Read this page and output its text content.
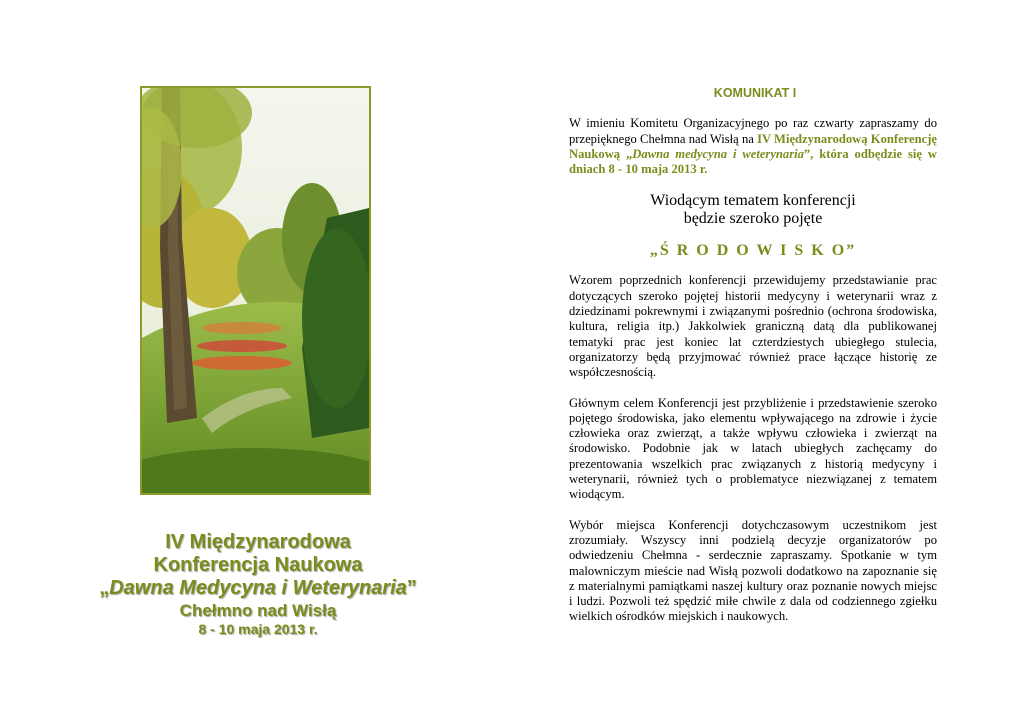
IV Międzynarodowa
Konferencja Naukowa
„Dawna Medycyna i Weterynaria”
Chełmno nad Wisłą
8 - 10 maja 2013 r.
KOMUNIKAT I

W imieniu Komitetu Organizacyjnego po raz czwarty zapraszamy do przepięknego Chełmna nad Wisłą na IV Międzynarodową Konferencję Naukową „Dawna medycyna i weterynaria”, która odbędzie się w dniach 8 - 10 maja 2013 r.

Wiodącym tematem konferencji
będzie szeroko pojęte
„Ś R O D O W I S K O”

Wzorem poprzednich konferencji przewidujemy przedstawianie prac dotyczących szeroko pojętej historii medycyny i weterynarii wraz z dziedzinami pokrewnymi i związanymi pośrednio (ochrona środowiska, kultura, religia itp.) Jakkolwiek graniczną datą dla publikowanej tematyki prac jest koniec lat czterdziestych ubiegłego stulecia, organizatorzy będą przyjmować również prace łączące historię ze współczesnością.

Głównym celem Konferencji jest przybliżenie i przedstawienie szeroko pojętego środowiska, jako elementu wpływającego na zdrowie i życie człowieka oraz zwierząt, a także wpływu człowieka i zwierząt na środowisko. Podobnie jak w latach ubiegłych zachęcamy do prezentowania wszelkich prac związanych z historią medycyny i weterynarii, również tych o problematyce niezwiązanej z tematem wiodącym.

Wybór miejsca Konferencji dotychczasowym uczestnikom jest zrozumiały. Wszyscy inni podzielą decyzje organizatorów po odwiedzeniu Chełmna - serdecznie zapraszamy. Spotkanie w tym malowniczym mieście nad Wisłą pozwoli dodatkowo na zapoznanie się z materialnymi pamiątkami naszej kultury oraz poznanie nowych miejsc i ludzi. Pozwoli też spędzić miłe chwile z dala od codziennego zgiełku wielkich ośrodków miejskich i naukowych.
